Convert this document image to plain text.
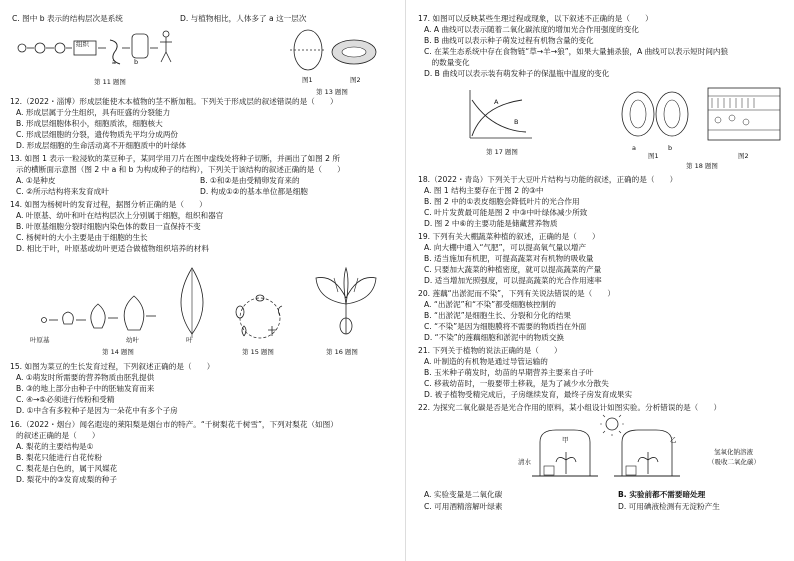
C. 图中 b 表示的结构层次是系统	D. 与植物相比，人体多了 a 这一层次
组织
a	b
第 11 题图	图1	图2
第 13 题图
12.（2022・淄博）形成层能使木本植物的茎不断加粗。下列关于形成层的叙述错误的是（　　）
A. 形成层属于分生组织，具有旺盛的分裂能力
B. 形成层细胞体积小，细胞质浓，细胞核大
C. 形成层细胞的分裂，遗传物质先平均分成两份
D. 形成层细胞的生命活动离不开细胞质中的叶绿体
13. 如图 1 表示一粒浸软的菜豆种子，某同学用刀片在图中虚线处将种子切断，并画出了如图 2 所
示的横断面示意图（图 2 中 a 和 b 为构成种子的结构），下列关于该结构的叙述正确的是（　　）
A. ①是种皮	B. ①和②是由受精卵发育来的
C. ②所示结构将来发育成叶	D. 构成①②的基本单位都是细胞
14. 如图为杨树叶的发育过程，据图分析正确的是（　　）
A. 叶原基、幼叶和叶在结构层次上分别属于细胞，组织和器官
B. 叶原基细胞分裂时细胞内染色体的数目一直保持不变
C. 杨树叶的大小主要是由于细胞的生长
D. 相比于叶，叶原基或幼叶更适合做植物组织培养的材料
叶原基	幼叶	叶
第 14 题图	第 15 题图	第 16 题图
15. 如图为菜豆的生长发育过程，下列叙述正确的是（　　）
A. ①萌发时所需要的营养物质由胚乳提供
B. ③的地上部分由种子中的胚轴发育而来
C. ④→⑤必须进行传粉和受精
D. ①中含有多粒种子是因为一朵花中有多个子房
16.（2022・烟台）闻名遐迩的莱阳梨是烟台市的特产。“千树梨花千树雪”，下列对梨花（如图）
的叙述正确的是（　　）
A. 梨花的主要结构是①
B. 梨花只能进行自花传粉
C. 梨花是白色的，属于风媒花
D. 梨花中的③发育成梨的种子
17. 如图可以反映某些生理过程或现象，以下叙述不正确的是（　　）
A. A 曲线可以表示随着二氧化碳浓度的增加光合作用强度的变化
B. B 曲线可以表示种子萌发过程有机物含量的变化
C. 在某生态系统中存在食物链“草→羊→狼”，如果大量捕杀狼，A 曲线可以表示短时间内狼
　的数量变化
D. B 曲线可以表示装有萌发种子的保温瓶中温度的变化
A
B
第 17 题图	a	b
图1	图2
第 18 题图
18.（2022・青岛）下列关于大豆叶片结构与功能的叙述，正确的是（　　）
A. 图 1 结构主要存在于图 2 的③中
B. 图 2 中的①表皮细胞会降低叶片的光合作用
C. 叶片发黄最可能是图 2 中③中叶绿体减少所致
D. 图 2 中⑥的主要功能是储藏营养物质
19. 下列有关大棚蔬菜种植的叙述，正确的是（　　）
A. 向大棚中通入“气肥”，可以提高氧气量以增产
B. 适当施加有机肥，可提高蔬菜对有机物的吸收量
C. 只要加大蔬菜的种植密度，就可以提高蔬菜的产量
D. 适当增加光照强度，可以提高蔬菜的光合作用速率
20. 莲藕“出淤泥而不染”，下列有关说法错误的是（　　）
A. “出淤泥”和“不染”都受细胞核控制的
B. “出淤泥”是细胞生长、分裂和分化的结果
C. “不染”是因为细胞膜将不需要的物质挡在外面
D. “不染”的莲藕细胞和淤泥中的物质交换
21. 下列关于植物的说法正确的是（　　）
A. 叶制造的有机物是通过导管运输的
B. 玉米种子萌发时，幼苗的早期营养主要来自子叶
C. 移栽幼苗时，一般要带土移栽，是为了减少水分散失
D. 被子植物受精完成后，子房继续发育，最终子房发育成果实
22. 为探究二氧化碳是否是光合作用的原料，某小组设计如图实验。分析错误的是（　　）
清水
甲	乙
氢氧化钠溶液
（吸收二氧化碳）
A. 实验变量是二氧化碳	B. 实验前都不需要暗处理
C. 可用酒精溶解叶绿素	D. 可用碘液检测有无淀粉产生
